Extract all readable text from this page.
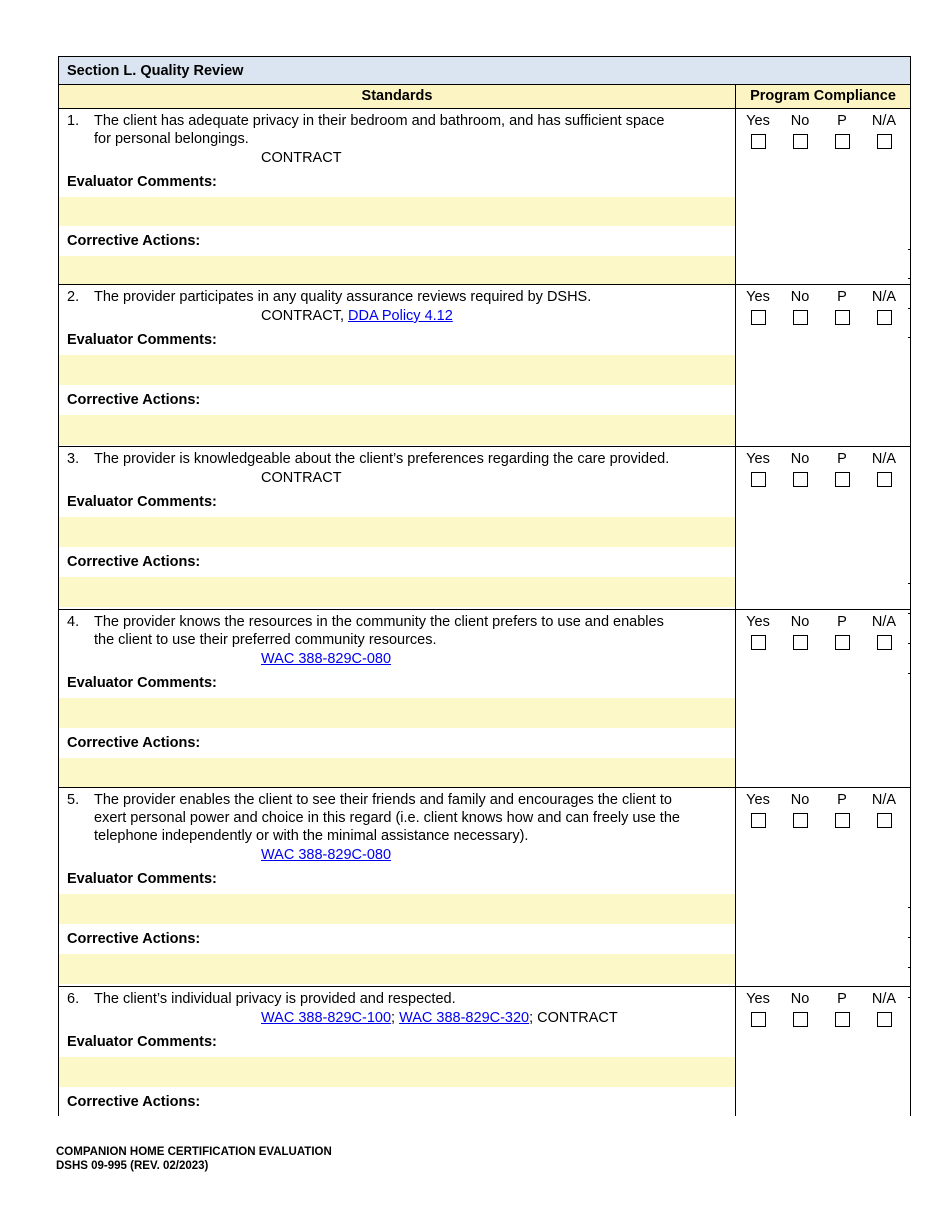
Section L. Quality Review
Standards	Program Compliance
1.	The client has adequate privacy in their bedroom and bathroom, and has sufficient space
for personal belongings.
CONTRACT
Evaluator Comments:
Corrective Actions:
Yes	No	P	N/A
2.	The provider participates in any quality assurance reviews required by DSHS.
CONTRACT, DDA Policy 4.12
Evaluator Comments:
Corrective Actions:
Yes	No	P	N/A
3.	The provider is knowledgeable about the client’s preferences regarding the care provided.
CONTRACT
Evaluator Comments:
Corrective Actions:
Yes	No	P	N/A
4.	The provider knows the resources in the community the client prefers to use and enables
the client to use their preferred community resources.
WAC 388-829C-080
Evaluator Comments:
Corrective Actions:
Yes	No	P	N/A
5.	The provider enables the client to see their friends and family and encourages the client to
exert personal power and choice in this regard (i.e. client knows how and can freely use the
telephone independently or with the minimal assistance necessary).
WAC 388-829C-080
Evaluator Comments:
Corrective Actions:
Yes	No	P	N/A
6.	The client’s individual privacy is provided and respected.
WAC 388-829C-100; WAC 388-829C-320; CONTRACT
Evaluator Comments:
Corrective Actions:
Yes	No	P	N/A
COMPANION HOME CERTIFICATION EVALUATION
DSHS 09-995 (REV. 02/2023)
